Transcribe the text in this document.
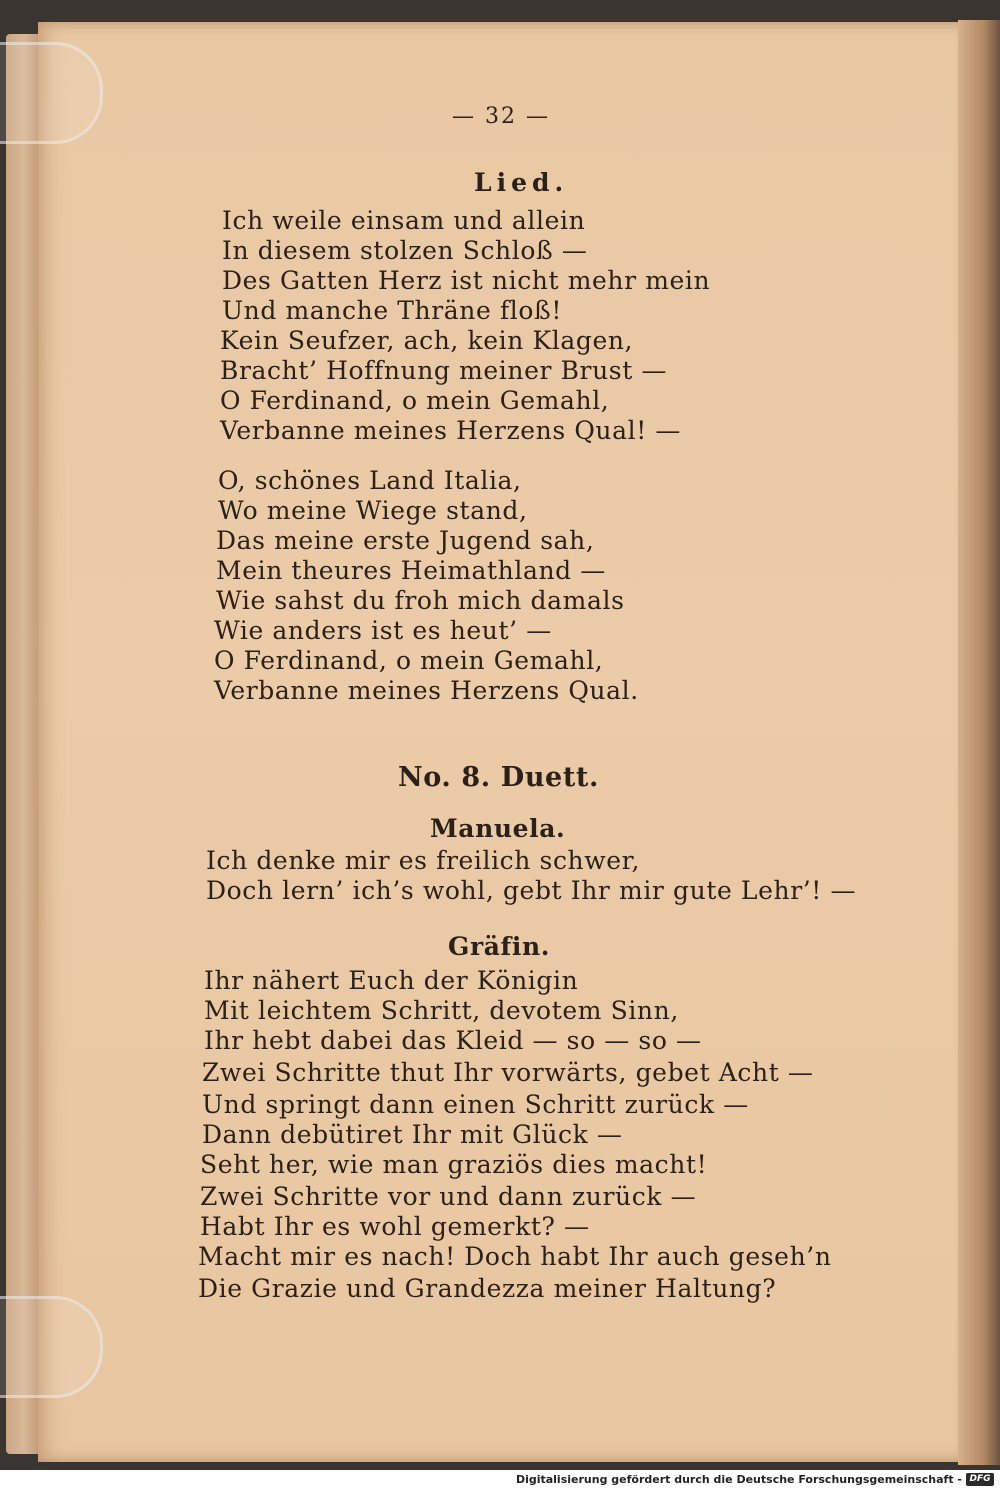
— 32 —
Lied.
Ich weile einsam und allein
In diesem stolzen Schloß —
Des Gatten Herz ist nicht mehr mein
Und manche Thräne floß!
Kein Seufzer, ach, kein Klagen,
Bracht’ Hoffnung meiner Brust —
O Ferdinand, o mein Gemahl,
Verbanne meines Herzens Qual! —
O, schönes Land Italia,
Wo meine Wiege stand,
Das meine erste Jugend sah,
Mein theures Heimathland —
Wie sahst du froh mich damals
Wie anders ist es heut’ —
O Ferdinand, o mein Gemahl,
Verbanne meines Herzens Qual.
No. 8. Duett.
Manuela.
Ich denke mir es freilich schwer,
Doch lern’ ich’s wohl, gebt Ihr mir gute Lehr’! —
Gräfin.
Ihr nähert Euch der Königin
Mit leichtem Schritt, devotem Sinn,
Ihr hebt dabei das Kleid — so — so —
Zwei Schritte thut Ihr vorwärts, gebet Acht —
Und springt dann einen Schritt zurück —
Dann debütiret Ihr mit Glück —
Seht her, wie man graziös dies macht!
Zwei Schritte vor und dann zurück —
Habt Ihr es wohl gemerkt? —
Macht mir es nach! Doch habt Ihr auch geseh’n
Die Grazie und Grandezza meiner Haltung?
Digitalisierung gefördert durch die Deutsche Forschungsgemeinschaft - DFG
